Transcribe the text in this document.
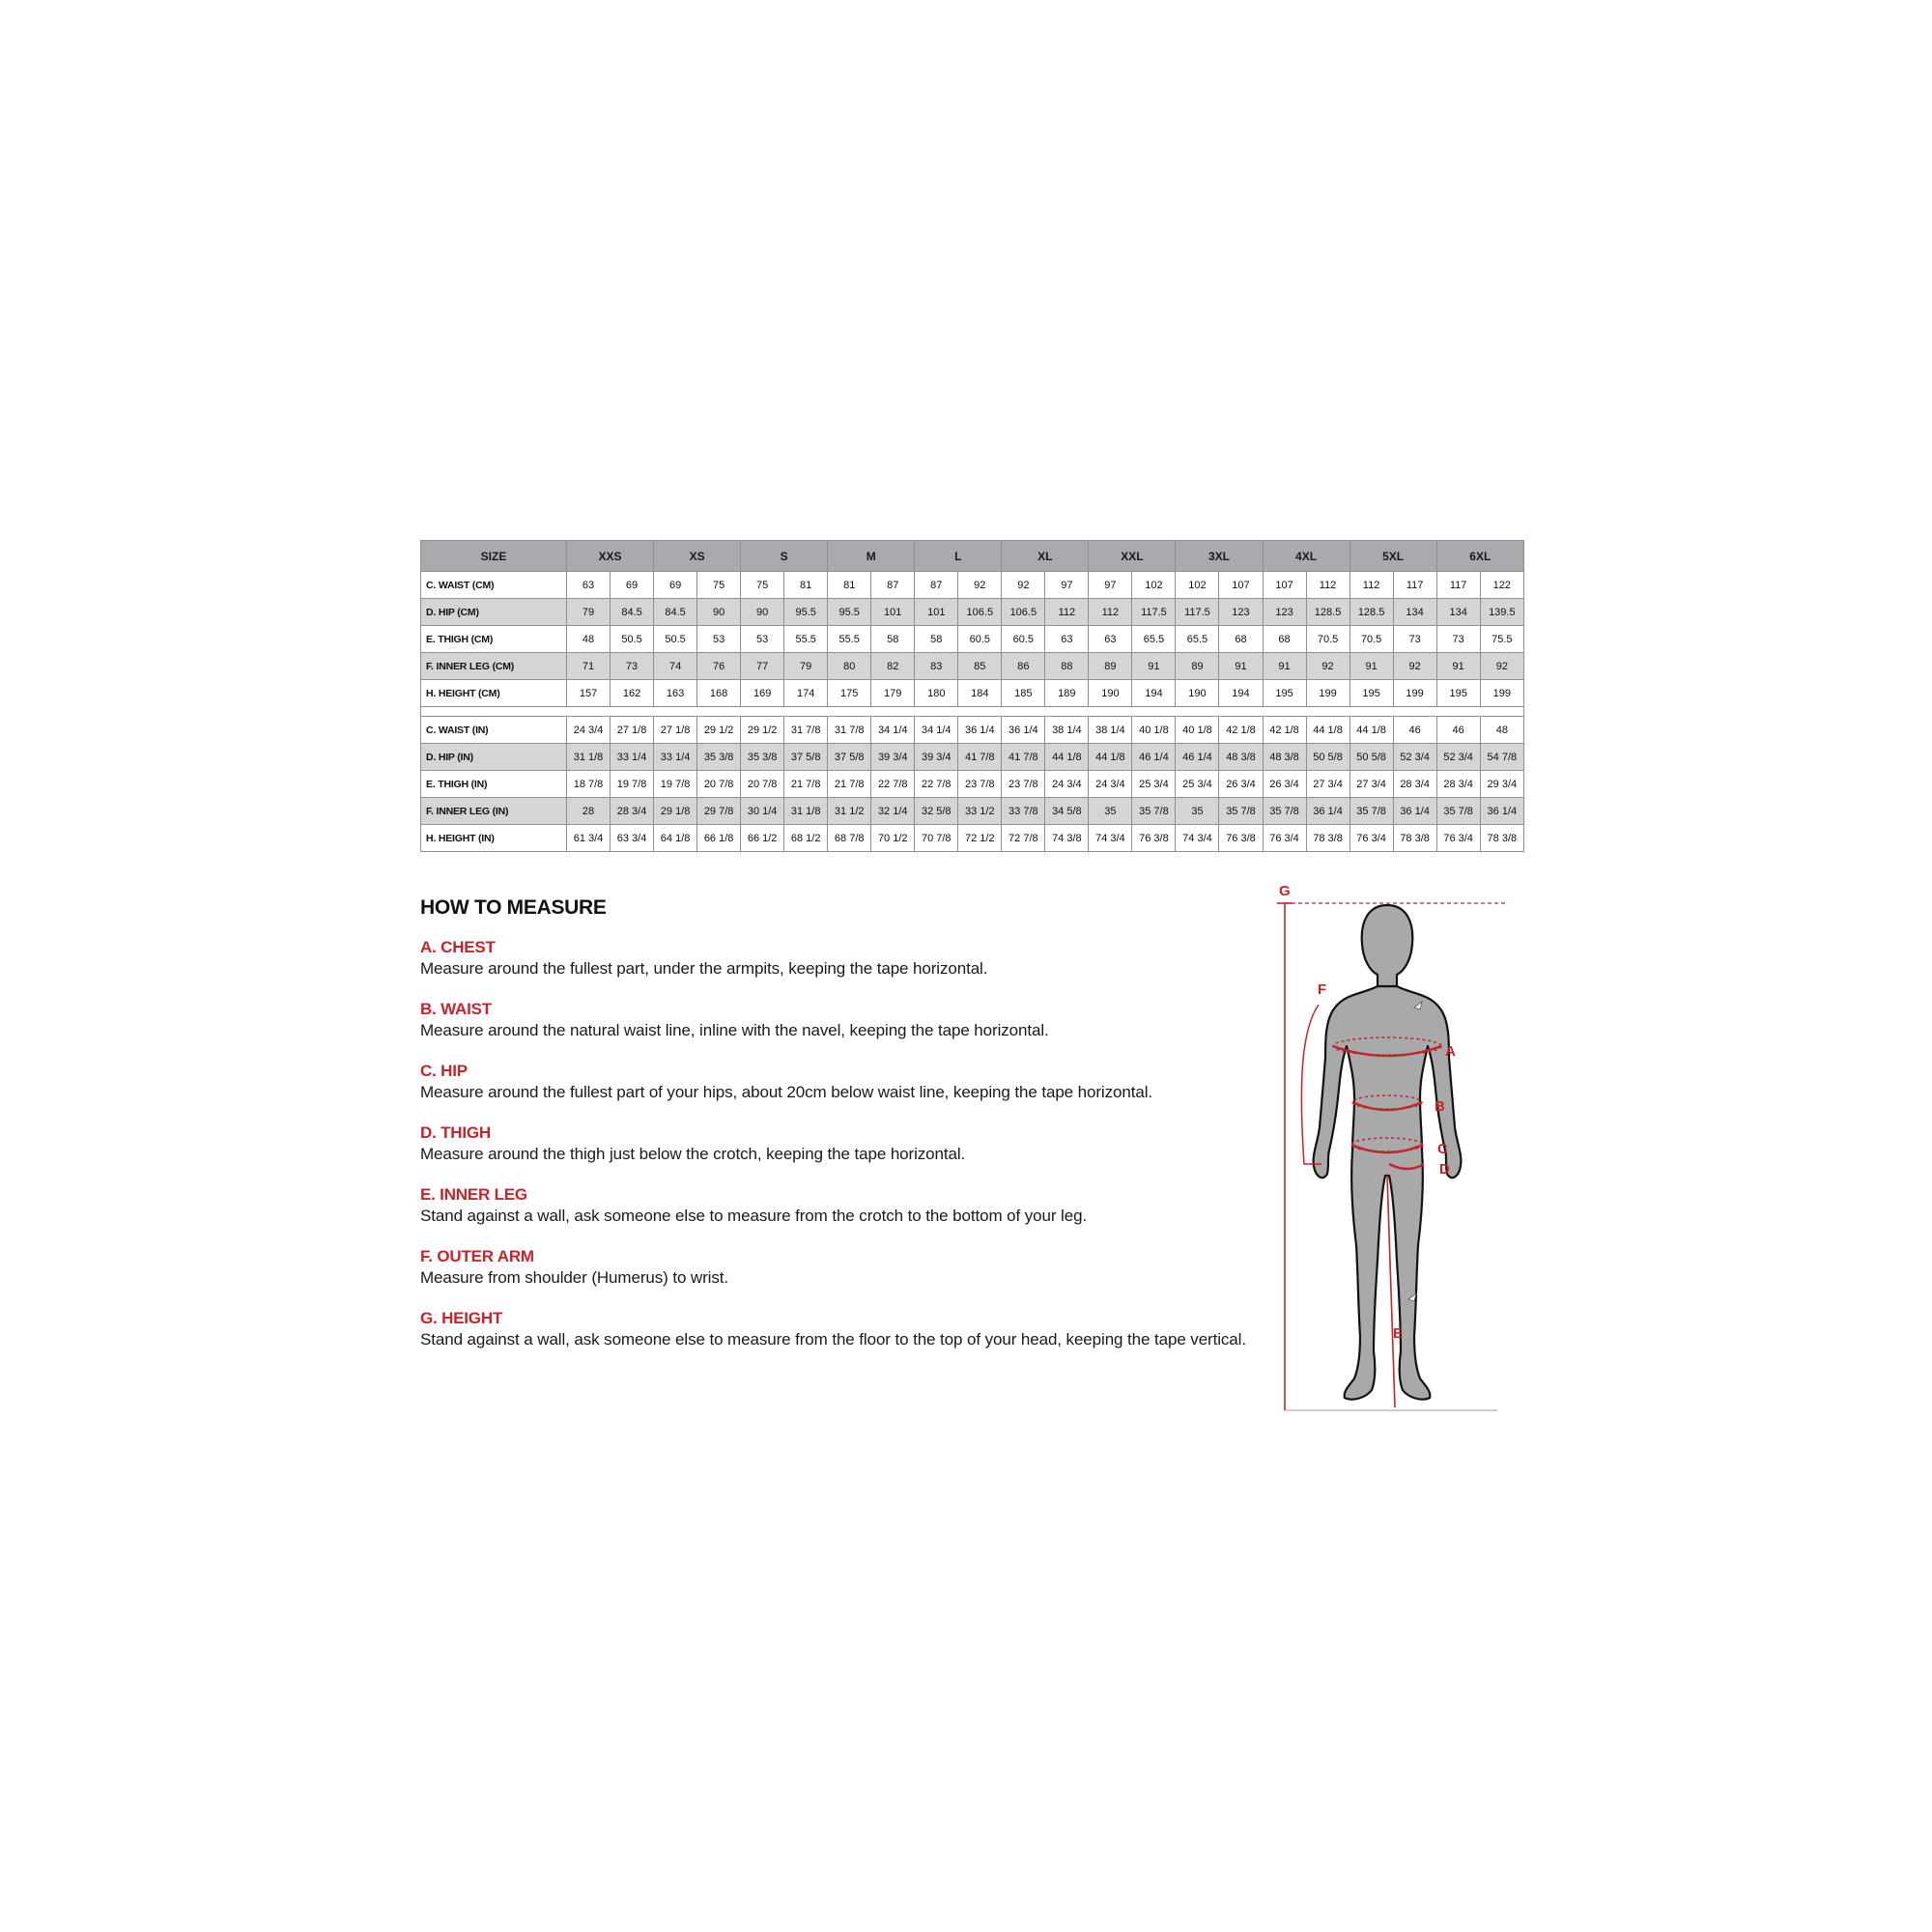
SIZE	XXS		XS		S		M		L		XL		XXL		3XL		4XL		5XL		6XL	
C. WAIST (CM)	63	69	69	75	75	81	81	87	87	92	92	97	97	102	102	107	107	112	112	117	117	122
D. HIP (CM)	79	84.5	84.5	90	90	95.5	95.5	101	101	106.5	106.5	112	112	117.5	117.5	123	123	128.5	128.5	134	134	139.5
E. THIGH (CM)	48	50.5	50.5	53	53	55.5	55.5	58	58	60.5	60.5	63	63	65.5	65.5	68	68	70.5	70.5	73	73	75.5
F. INNER LEG (CM)	71	73	74	76	77	79	80	82	83	85	86	88	89	91	89	91	91	92	91	92	91	92
H. HEIGHT (CM)	157	162	163	168	169	174	175	179	180	184	185	189	190	194	190	194	195	199	195	199	195	199

C. WAIST (IN)	24 3/4	27 1/8	27 1/8	29 1/2	29 1/2	31 7/8	31 7/8	34 1/4	34 1/4	36 1/4	36 1/4	38 1/4	38 1/4	40 1/8	40 1/8	42 1/8	42 1/8	44 1/8	44 1/8	46	46	48
D. HIP (IN)	31 1/8	33 1/4	33 1/4	35 3/8	35 3/8	37 5/8	37 5/8	39 3/4	39 3/4	41 7/8	41 7/8	44 1/8	44 1/8	46 1/4	46 1/4	48 3/8	48 3/8	50 5/8	50 5/8	52 3/4	52 3/4	54 7/8
E. THIGH (IN)	18 7/8	19 7/8	19 7/8	20 7/8	20 7/8	21 7/8	21 7/8	22 7/8	22 7/8	23 7/8	23 7/8	24 3/4	24 3/4	25 3/4	25 3/4	26 3/4	26 3/4	27 3/4	27 3/4	28 3/4	28 3/4	29 3/4
F. INNER LEG (IN)	28	28 3/4	29 1/8	29 7/8	30 1/4	31 1/8	31 1/2	32 1/4	32 5/8	33 1/2	33 7/8	34 5/8	35	35 7/8	35	35 7/8	35 7/8	36 1/4	35 7/8	36 1/4	35 7/8	36 1/4
H. HEIGHT (IN)	61 3/4	63 3/4	64 1/8	66 1/8	66 1/2	68 1/2	68 7/8	70 1/2	70 7/8	72 1/2	72 7/8	74 3/8	74 3/4	76 3/8	74 3/4	76 3/8	76 3/4	78 3/8	76 3/4	78 3/8	76 3/4	78 3/8
HOW TO MEASURE
A. CHEST
Measure around the fullest part, under the armpits, keeping the tape horizontal.
B. WAIST
Measure around the natural waist line, inline with the navel, keeping the tape horizontal.
C. HIP
Measure around the fullest part of your hips, about 20cm below waist line, keeping the tape horizontal.
D. THIGH
Measure around the thigh just below the crotch, keeping the tape horizontal.
E. INNER LEG
Stand against a wall, ask someone else to measure from the crotch to the bottom of your leg.
F. OUTER ARM
Measure from shoulder (Humerus) to wrist.
G. HEIGHT
Stand against a wall, ask someone else to measure from the floor to the top of your head, keeping the tape vertical.
G
F
A
B
C
D
E
